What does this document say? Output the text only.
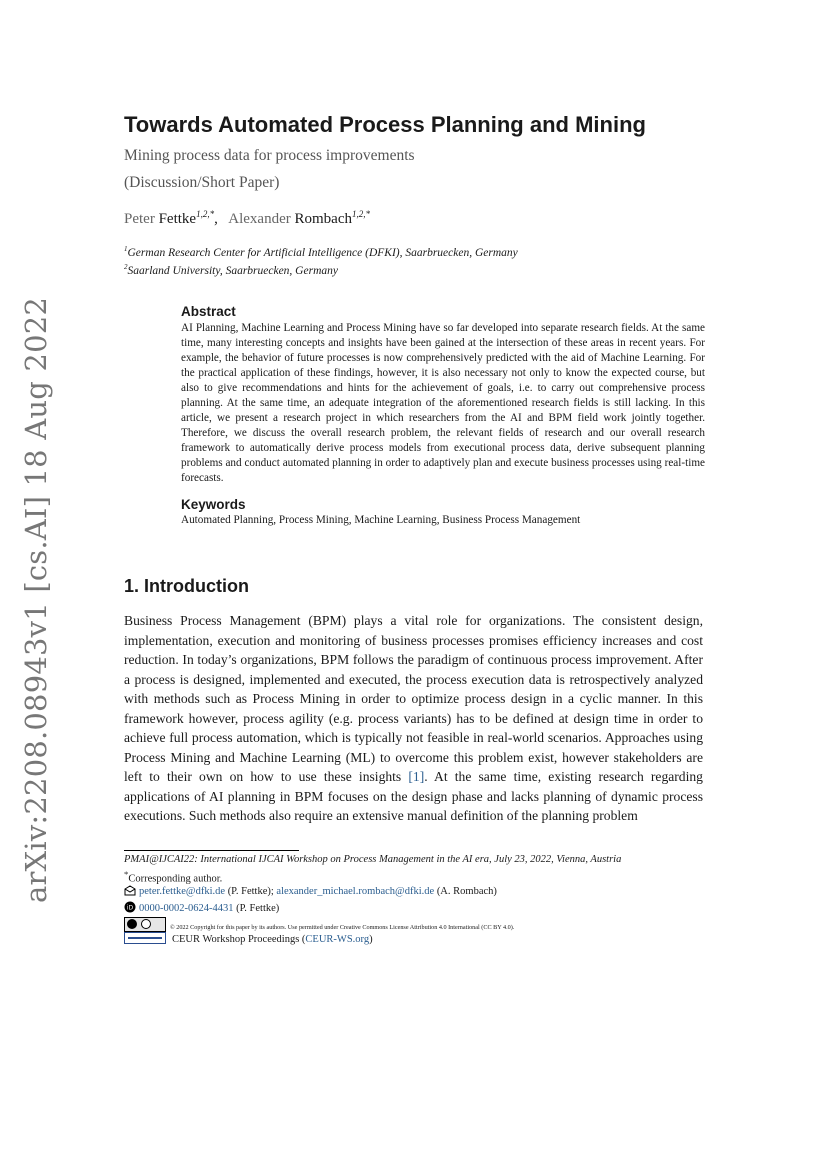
arXiv:2208.08943v1 [cs.AI] 18 Aug 2022
Towards Automated Process Planning and Mining
Mining process data for process improvements
(Discussion/Short Paper)
Peter Fettke$^{1,2,*}$,   Alexander Rombach$^{1,2,*}$
$^1$German Research Center for Artificial Intelligence (DFKI), Saarbruecken, Germany
$^2$Saarland University, Saarbruecken, Germany
Abstract

AI Planning, Machine Learning and Process Mining have so far developed into separate research fields. At the same time, many interesting concepts and insights have been gained at the intersection of these areas in recent years. For example, the behavior of future processes is now comprehensively predicted with the aid of Machine Learning. For the practical application of these findings, however, it is also necessary not only to know the expected course, but also to give recommendations and hints for the achievement of goals, i.e. to carry out comprehensive process planning. At the same time, an adequate integration of the aforementioned research fields is still lacking. In this article, we present a research project in which researchers from the AI and BPM field work jointly together. Therefore, we discuss the overall research problem, the relevant fields of research and our overall research framework to automatically derive process models from executional process data, derive subsequent planning problems and conduct automated planning in order to adaptively plan and execute business processes using real-time forecasts.

Keywords
Automated Planning, Process Mining, Machine Learning, Business Process Management
1. Introduction

Business Process Management (BPM) plays a vital role for organizations. The consistent design, implementation, execution and monitoring of business processes promises efficiency increases and cost reduction. In today’s organizations, BPM follows the paradigm of continuous process improvement. After a process is designed, implemented and executed, the process execution data is retrospectively analyzed with methods such as Process Mining in order to optimize process design in a cyclic manner. In this framework however, process agility (e.g. process variants) has to be defined at design time in order to achieve full process automation, which is typically not feasible in real-world scenarios. Approaches using Process Mining and Machine Learning (ML) to overcome this problem exist, however stakeholders are left to their own on how to use these insights [1]. At the same time, existing research regarding applications of AI planning in BPM focuses on the design phase and lacks planning of dynamic process executions. Such methods also require an extensive manual definition of the planning problem

PMAI@IJCAI22: International IJCAI Workshop on Process Management in the AI era, July 23, 2022, Vienna, Austria
*Corresponding author.
peter.fettke@dfki.de (P. Fettke); alexander_michael.rombach@dfki.de (A. Rombach)
iD 0000-0002-0624-4431 (P. Fettke)
© 2022 Copyright for this paper by its authors. Use permitted under Creative Commons License Attribution 4.0 International (CC BY 4.0).
CEUR Workshop Proceedings (CEUR-WS.org)
